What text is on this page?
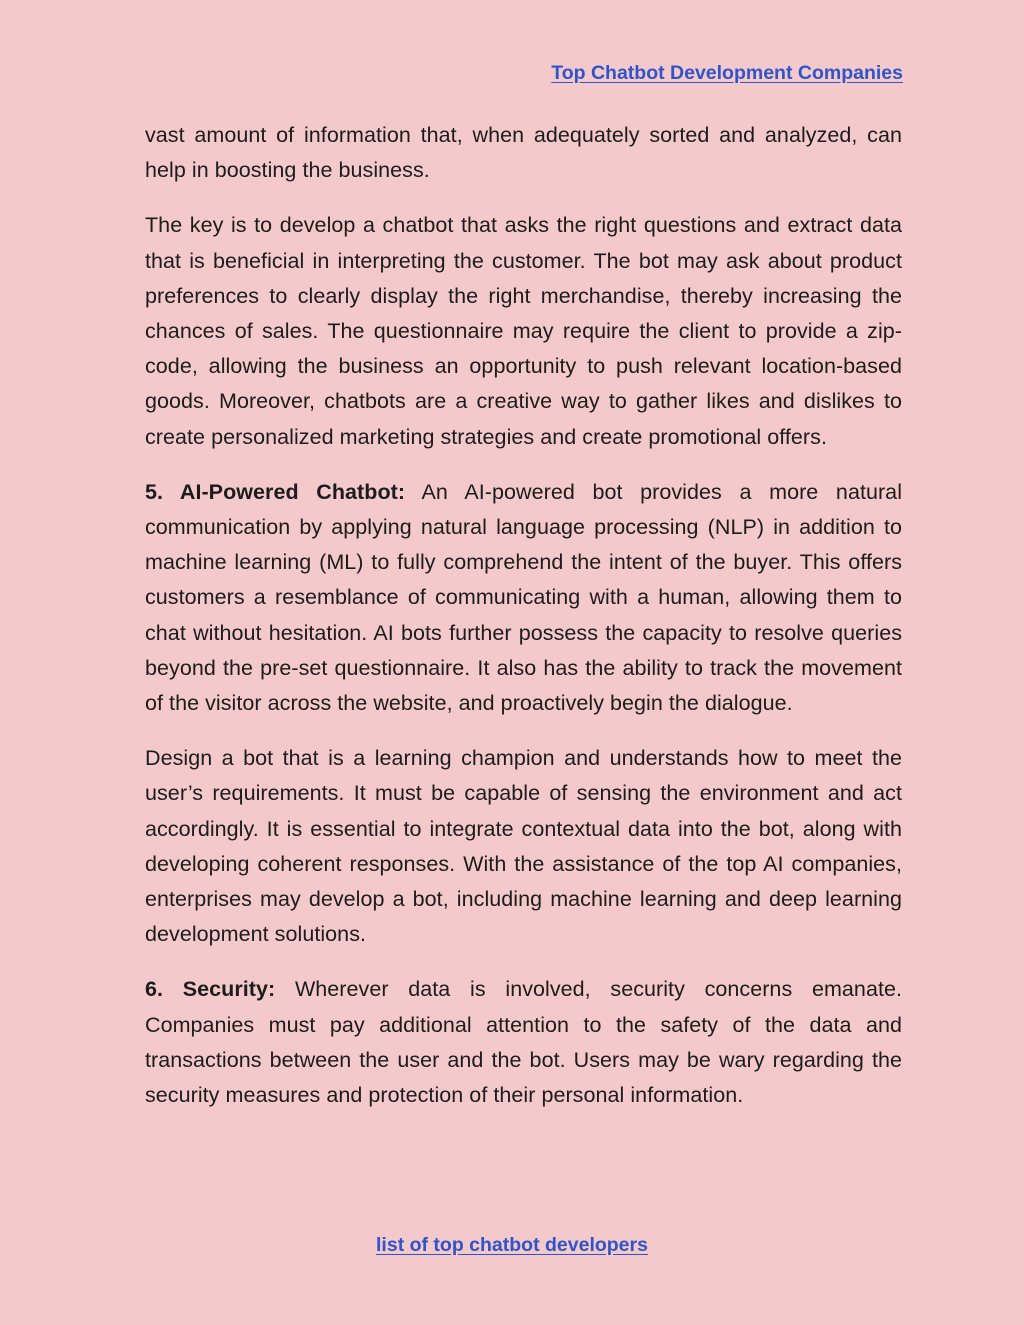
Top Chatbot Development Companies

vast amount of information that, when adequately sorted and analyzed, can help in boosting the business.

The key is to develop a chatbot that asks the right questions and extract data that is beneficial in interpreting the customer. The bot may ask about product preferences to clearly display the right merchandise, thereby increasing the chances of sales. The questionnaire may require the client to provide a zip-code, allowing the business an opportunity to push relevant location-based goods. Moreover, chatbots are a creative way to gather likes and dislikes to create personalized marketing strategies and create promotional offers.

5. AI-Powered Chatbot: An AI-powered bot provides a more natural communication by applying natural language processing (NLP) in addition to machine learning (ML) to fully comprehend the intent of the buyer. This offers customers a resemblance of communicating with a human, allowing them to chat without hesitation. AI bots further possess the capacity to resolve queries beyond the pre-set questionnaire. It also has the ability to track the movement of the visitor across the website, and proactively begin the dialogue.

Design a bot that is a learning champion and understands how to meet the user’s requirements. It must be capable of sensing the environment and act accordingly. It is essential to integrate contextual data into the bot, along with developing coherent responses. With the assistance of the top AI companies, enterprises may develop a bot, including machine learning and deep learning development solutions.

6. Security: Wherever data is involved, security concerns emanate. Companies must pay additional attention to the safety of the data and transactions between the user and the bot. Users may be wary regarding the security measures and protection of their personal information.

list of top chatbot developers
